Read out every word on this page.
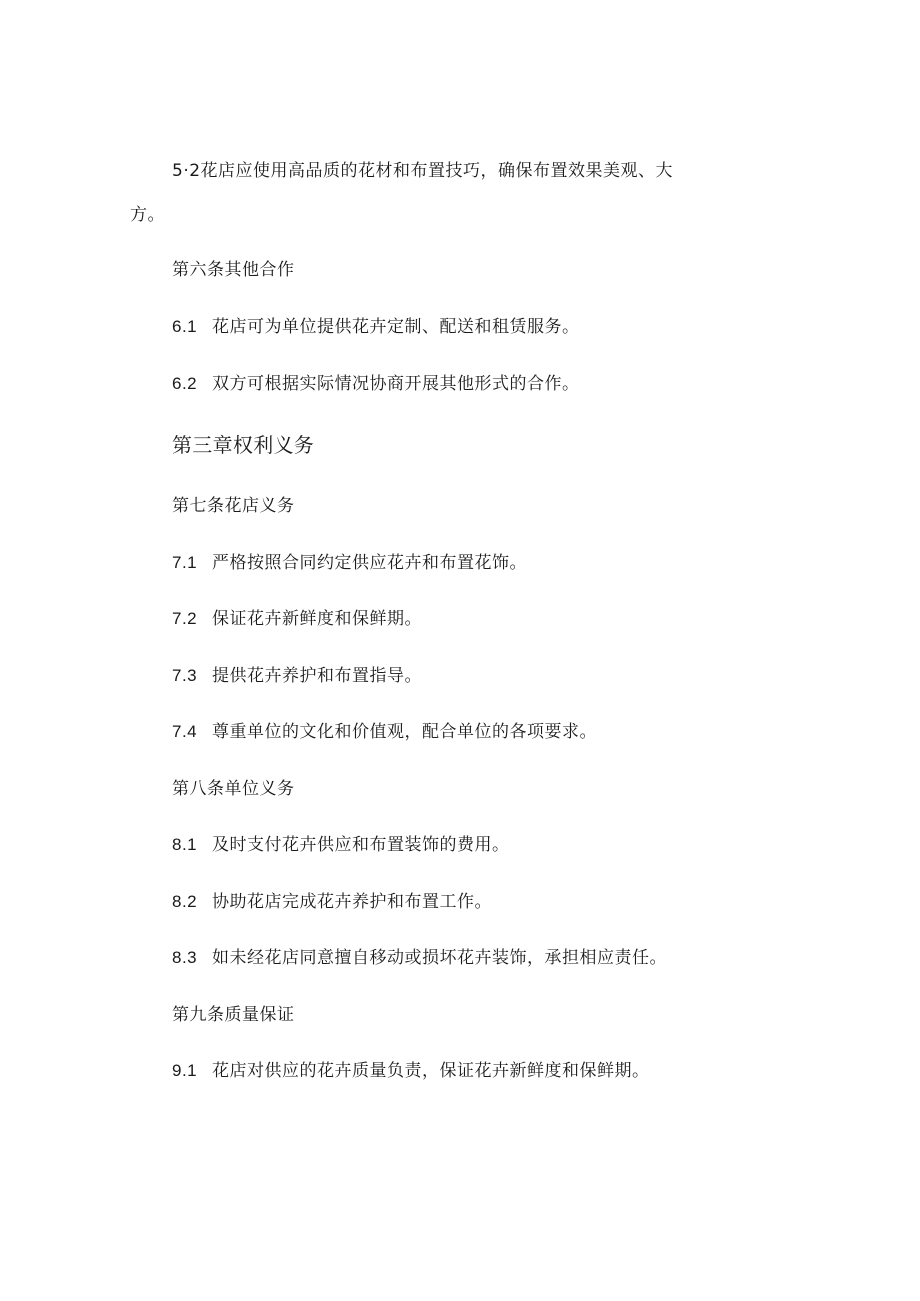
5·2花店应使用高品质的花材和布置技巧，确保布置效果美观、大
方。
第六条其他合作
6.1 花店可为单位提供花卉定制、配送和租赁服务。
6.2 双方可根据实际情况协商开展其他形式的合作。
第三章权利义务
第七条花店义务
7.1 严格按照合同约定供应花卉和布置花饰。
7.2 保证花卉新鲜度和保鲜期。
7.3 提供花卉养护和布置指导。
7.4 尊重单位的文化和价值观，配合单位的各项要求。
第八条单位义务
8.1 及时支付花卉供应和布置装饰的费用。
8.2 协助花店完成花卉养护和布置工作。
8.3 如未经花店同意擅自移动或损坏花卉装饰，承担相应责任。
第九条质量保证
9.1 花店对供应的花卉质量负责，保证花卉新鲜度和保鲜期。
